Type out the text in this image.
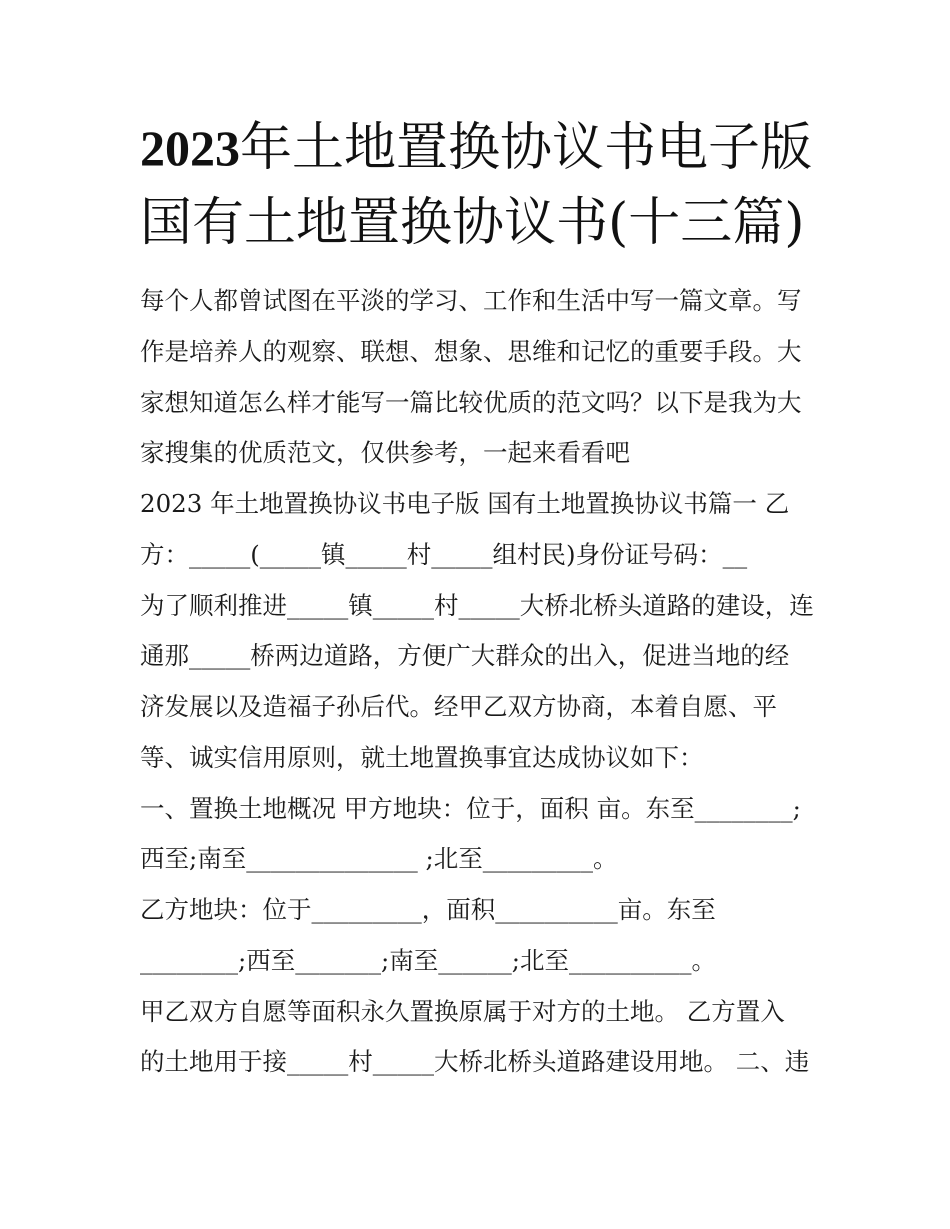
2023年土地置换协议书电子版
国有土地置换协议书(十三篇)
每个人都曾试图在平淡的学习、工作和生活中写一篇文章。写
作是培养人的观察、联想、想象、思维和记忆的重要手段。大
家想知道怎么样才能写一篇比较优质的范文吗？以下是我为大
家搜集的优质范文，仅供参考，一起来看看吧
2023 年土地置换协议书电子版 国有土地置换协议书篇一 乙
方：_____(_____镇_____村_____组村民)身份证号码：__
为了顺利推进_____镇_____村_____大桥北桥头道路的建设，连
通那_____桥两边道路，方便广大群众的出入，促进当地的经
济发展以及造福子孙后代。经甲乙双方协商，本着自愿、平
等、诚实信用原则，就土地置换事宜达成协议如下：
一、置换土地概况 甲方地块：位于，面积 亩。东至________;
西至;南至______________ ;北至_________。
乙方地块：位于_________，面积__________亩。东至
________;西至_______;南至______;北至__________。
甲乙双方自愿等面积永久置换原属于对方的土地。 乙方置入
的土地用于接_____村_____大桥北桥头道路建设用地。 二、违
